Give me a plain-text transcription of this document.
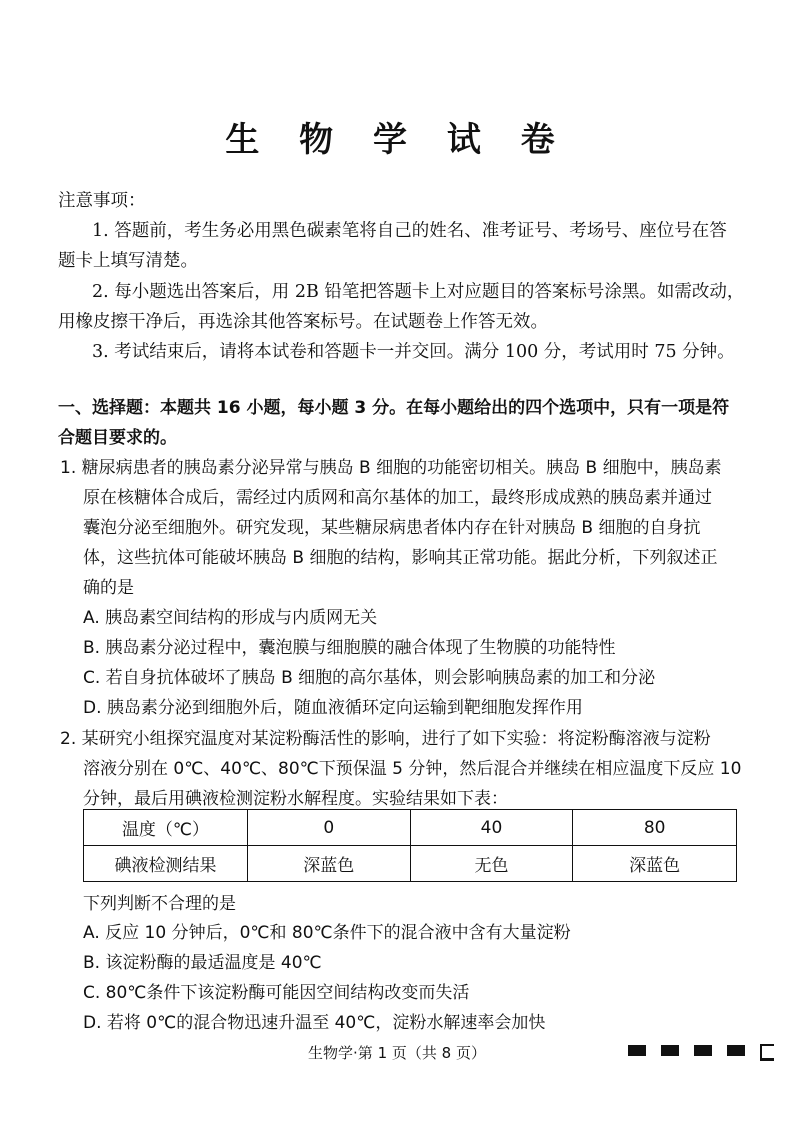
生 物 学 试 卷
注意事项：
1. 答题前，考生务必用黑色碳素笔将自己的姓名、准考证号、考场号、座位号在答
题卡上填写清楚。
2. 每小题选出答案后，用 2B 铅笔把答题卡上对应题目的答案标号涂黑。如需改动，
用橡皮擦干净后，再选涂其他答案标号。在试题卷上作答无效。
3. 考试结束后，请将本试卷和答题卡一并交回。满分 100 分，考试用时 75 分钟。
一、选择题：本题共 16 小题，每小题 3 分。在每小题给出的四个选项中，只有一项是符
合题目要求的。
1. 糖尿病患者的胰岛素分泌异常与胰岛 B 细胞的功能密切相关。胰岛 B 细胞中，胰岛素
原在核糖体合成后，需经过内质网和高尔基体的加工，最终形成成熟的胰岛素并通过
囊泡分泌至细胞外。研究发现，某些糖尿病患者体内存在针对胰岛 B 细胞的自身抗
体，这些抗体可能破坏胰岛 B 细胞的结构，影响其正常功能。据此分析，下列叙述正
确的是
A. 胰岛素空间结构的形成与内质网无关
B. 胰岛素分泌过程中，囊泡膜与细胞膜的融合体现了生物膜的功能特性
C. 若自身抗体破坏了胰岛 B 细胞的高尔基体，则会影响胰岛素的加工和分泌
D. 胰岛素分泌到细胞外后，随血液循环定向运输到靶细胞发挥作用
2. 某研究小组探究温度对某淀粉酶活性的影响，进行了如下实验：将淀粉酶溶液与淀粉
溶液分别在 0℃、40℃、80℃下预保温 5 分钟，然后混合并继续在相应温度下反应 10
分钟，最后用碘液检测淀粉水解程度。实验结果如下表：
温度（℃）	0	40	80
碘液检测结果	深蓝色	无色	深蓝色
下列判断不合理的是
A. 反应 10 分钟后，0℃和 80℃条件下的混合液中含有大量淀粉
B. 该淀粉酶的最适温度是 40℃
C. 80℃条件下该淀粉酶可能因空间结构改变而失活
D. 若将 0℃的混合物迅速升温至 40℃，淀粉水解速率会加快
生物学·第 1 页（共 8 页）
